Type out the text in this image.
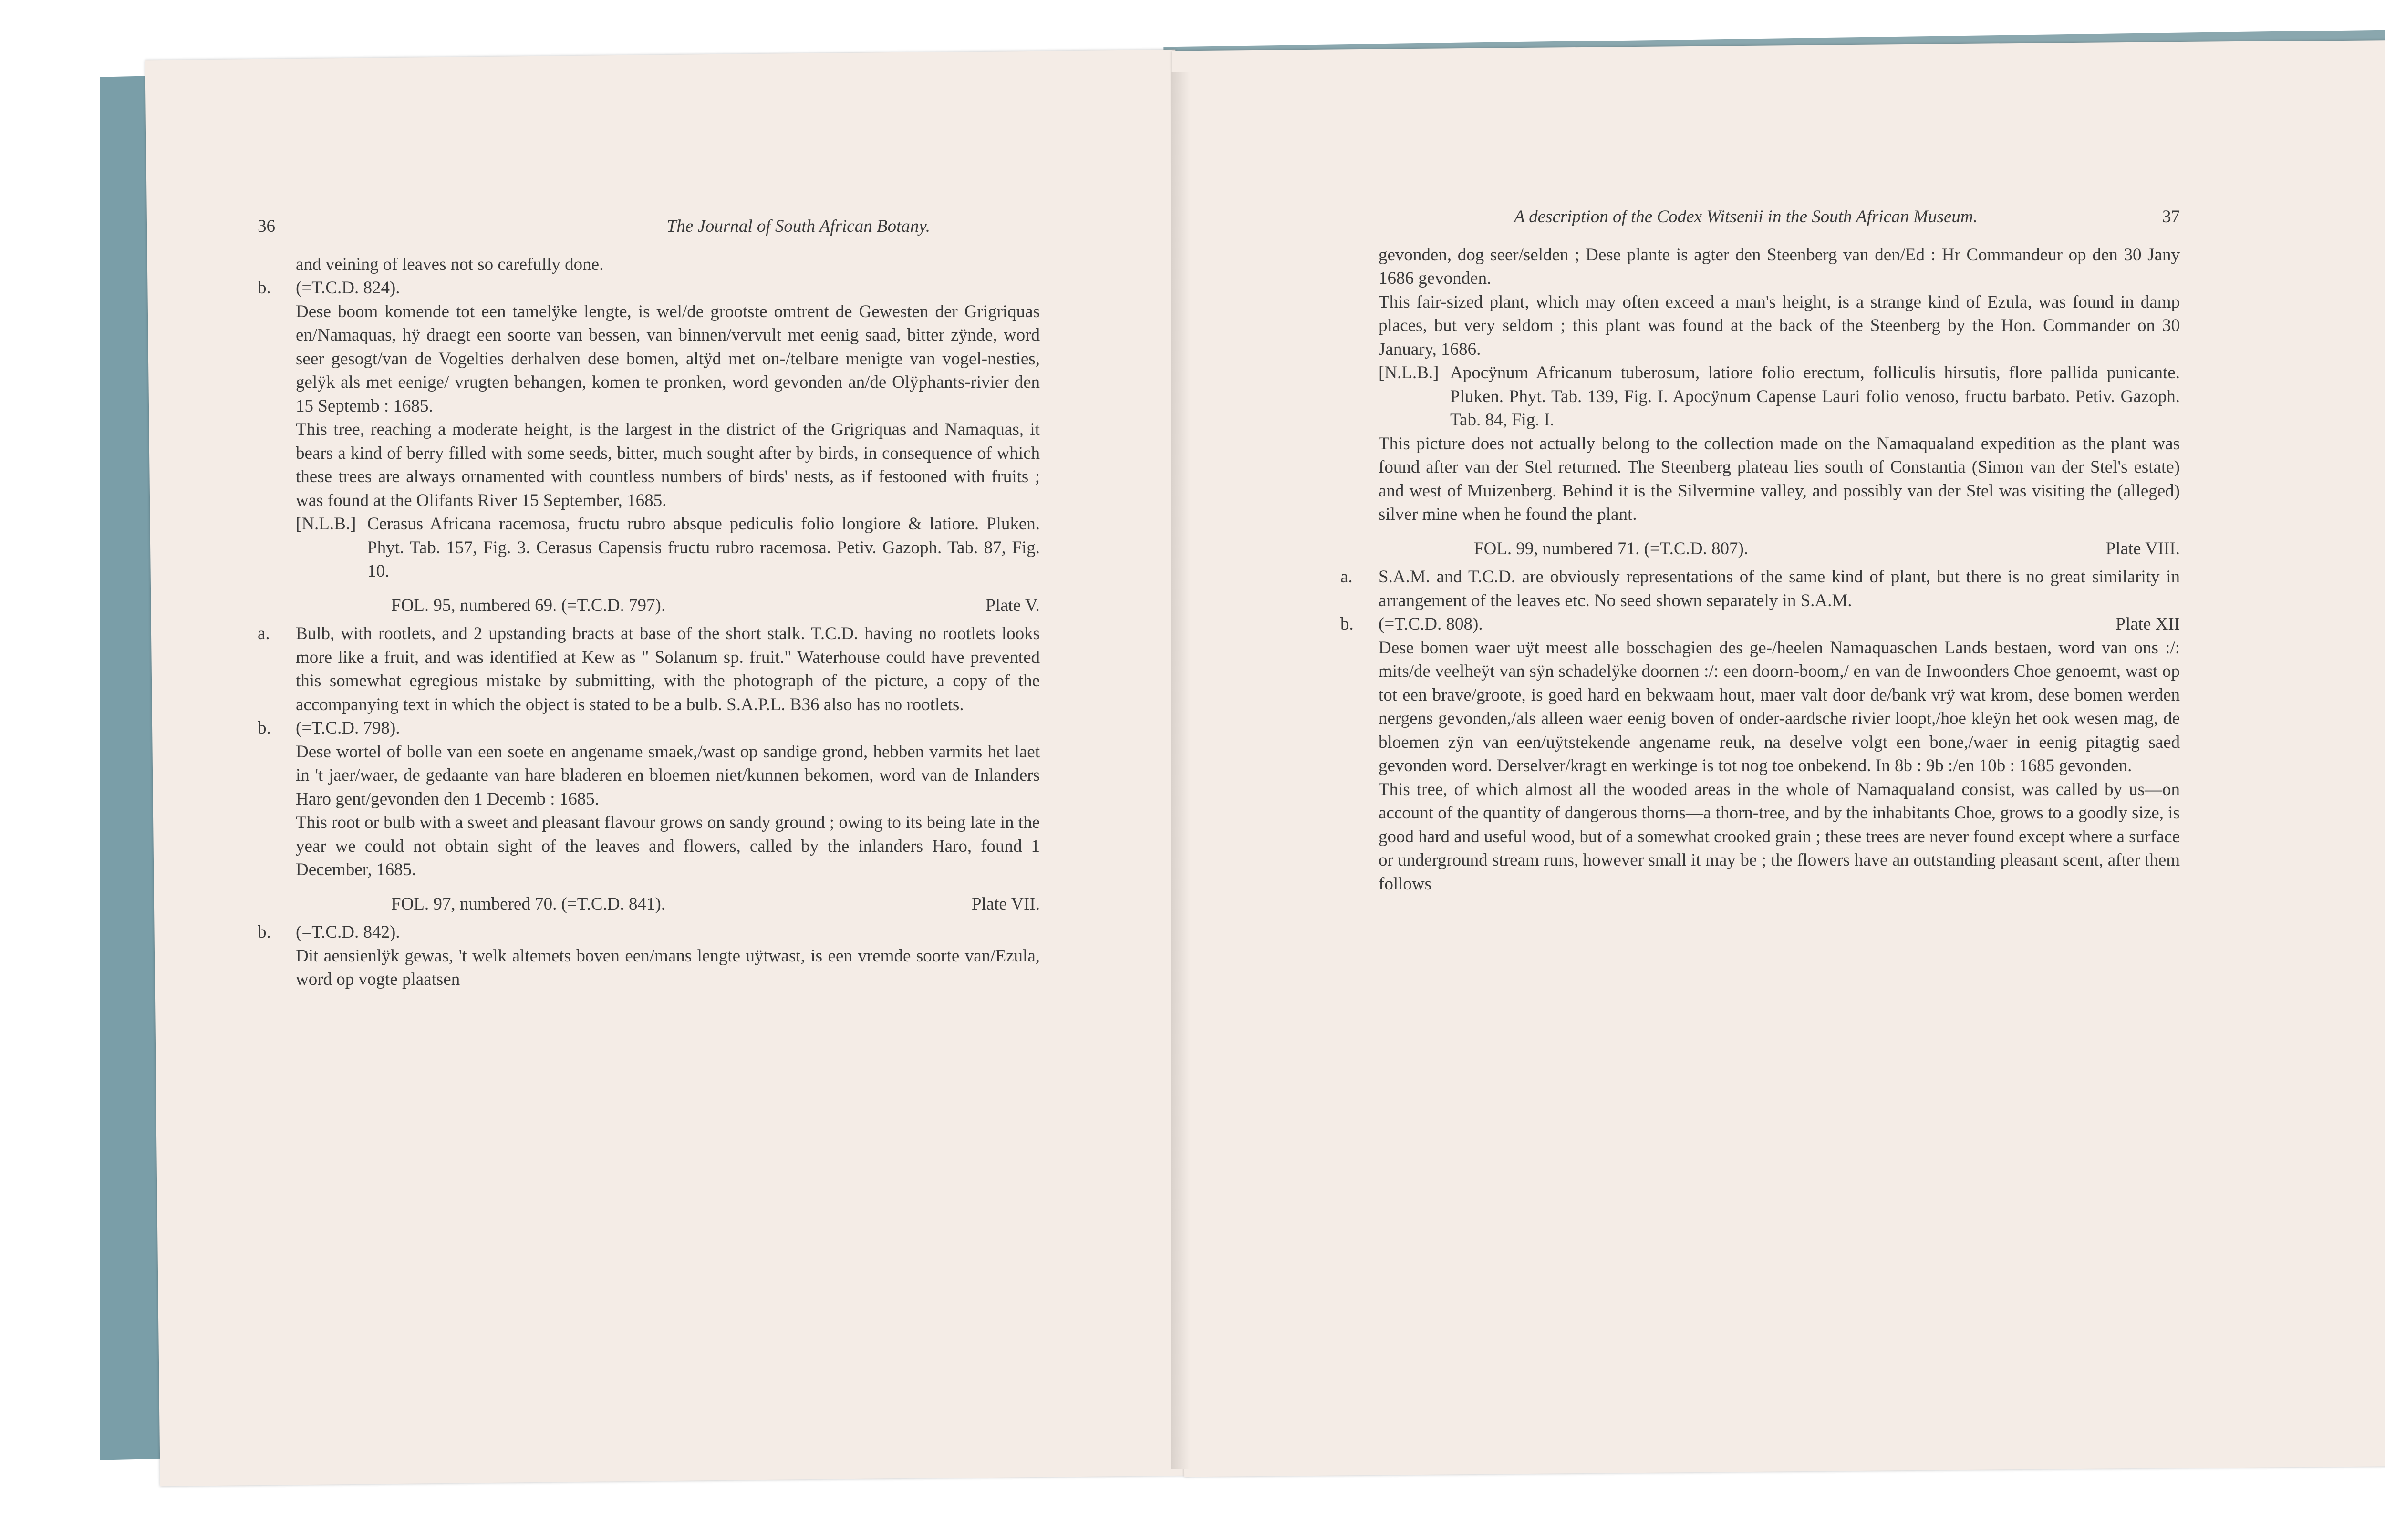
36	The Journal of South African Botany.
and veining of leaves not so carefully done.
b.	(=T.C.D. 824).
Dese boom komende tot een tamelÿke lengte, is wel/de grootste omtrent de Gewesten der Grigriquas en/Namaquas, hÿ draegt een soorte van bessen, van binnen/vervult met eenig saad, bitter zÿnde, word seer gesogt/van de Vogelties derhalven dese bomen, altÿd met on-/telbare menigte van vogel-nesties, gelÿk als met eenige/ vrugten behangen, komen te pronken, word gevonden an/de Olÿphants-rivier den 15 Septemb : 1685.
This tree, reaching a moderate height, is the largest in the district of the Grigriquas and Namaquas, it bears a kind of berry filled with some seeds, bitter, much sought after by birds, in consequence of which these trees are always ornamented with countless numbers of birds' nests, as if festooned with fruits ; was found at the Olifants River 15 September, 1685.
[N.L.B.] Cerasus Africana racemosa, fructu rubro absque pediculis folio longiore & latiore. Pluken. Phyt. Tab. 157, Fig. 3. Cerasus Capensis fructu rubro racemosa. Petiv. Gazoph. Tab. 87, Fig. 10.
FOL. 95, numbered 69. (=T.C.D. 797).	Plate V.
a.	Bulb, with rootlets, and 2 upstanding bracts at base of the short stalk. T.C.D. having no rootlets looks more like a fruit, and was identified at Kew as " Solanum sp. fruit." Waterhouse could have prevented this somewhat egregious mistake by submitting, with the photograph of the picture, a copy of the accompanying text in which the object is stated to be a bulb. S.A.P.L. B36 also has no rootlets.
b.	(=T.C.D. 798).
Dese wortel of bolle van een soete en angename smaek,/wast op sandige grond, hebben varmits het laet in 't jaer/waer, de gedaante van hare bladeren en bloemen niet/kunnen bekomen, word van de Inlanders Haro gent/gevonden den 1 Decemb : 1685.
This root or bulb with a sweet and pleasant flavour grows on sandy ground ; owing to its being late in the year we could not obtain sight of the leaves and flowers, called by the inlanders Haro, found 1 December, 1685.
FOL. 97, numbered 70. (=T.C.D. 841).	Plate VII.
b.	(=T.C.D. 842).
Dit aensienlÿk gewas, 't welk altemets boven een/mans lengte uÿtwast, is een vremde soorte van/Ezula, word op vogte plaatsen
A description of the Codex Witsenii in the South African Museum.	37
gevonden, dog seer/selden ; Dese plante is agter den Steenberg van den/Ed : Hr Commandeur op den 30 Jany 1686 gevonden.
This fair-sized plant, which may often exceed a man's height, is a strange kind of Ezula, was found in damp places, but very seldom ; this plant was found at the back of the Steenberg by the Hon. Commander on 30 January, 1686.
[N.L.B.] Apocÿnum Africanum tuberosum, latiore folio erectum, folliculis hirsutis, flore pallida punicante. Pluken. Phyt. Tab. 139, Fig. I. Apocÿnum Capense Lauri folio venoso, fructu barbato. Petiv. Gazoph. Tab. 84, Fig. I.
This picture does not actually belong to the collection made on the Namaqualand expedition as the plant was found after van der Stel returned. The Steenberg plateau lies south of Constantia (Simon van der Stel's estate) and west of Muizenberg. Behind it is the Silvermine valley, and possibly van der Stel was visiting the (alleged) silver mine when he found the plant.
FOL. 99, numbered 71. (=T.C.D. 807).	Plate VIII.
a.	S.A.M. and T.C.D. are obviously representations of the same kind of plant, but there is no great similarity in arrangement of the leaves etc. No seed shown separately in S.A.M.
b.	(=T.C.D. 808).	Plate XII
Dese bomen waer uÿt meest alle bosschagien des ge-/heelen Namaquaschen Lands bestaen, word van ons :/: mits/de veelheÿt van sÿn schadelÿke doornen :/: een doorn-boom,/ en van de Inwoonders Choe genoemt, wast op tot een brave/groote, is goed hard en bekwaam hout, maer valt door de/bank vrÿ wat krom, dese bomen werden nergens gevonden,/als alleen waer eenig boven of onder-aardsche rivier loopt,/hoe kleÿn het ook wesen mag, de bloemen zÿn van een/uÿtstekende angename reuk, na deselve volgt een bone,/waer in eenig pitagtig saed gevonden word. Derselver/kragt en werkinge is tot nog toe onbekend. In 8b : 9b :/en 10b : 1685 gevonden.
This tree, of which almost all the wooded areas in the whole of Namaqualand consist, was called by us—on account of the quantity of dangerous thorns—a thorn-tree, and by the inhabitants Choe, grows to a goodly size, is good hard and useful wood, but of a somewhat crooked grain ; these trees are never found except where a surface or underground stream runs, however small it may be ; the flowers have an outstanding pleasant scent, after them follows
